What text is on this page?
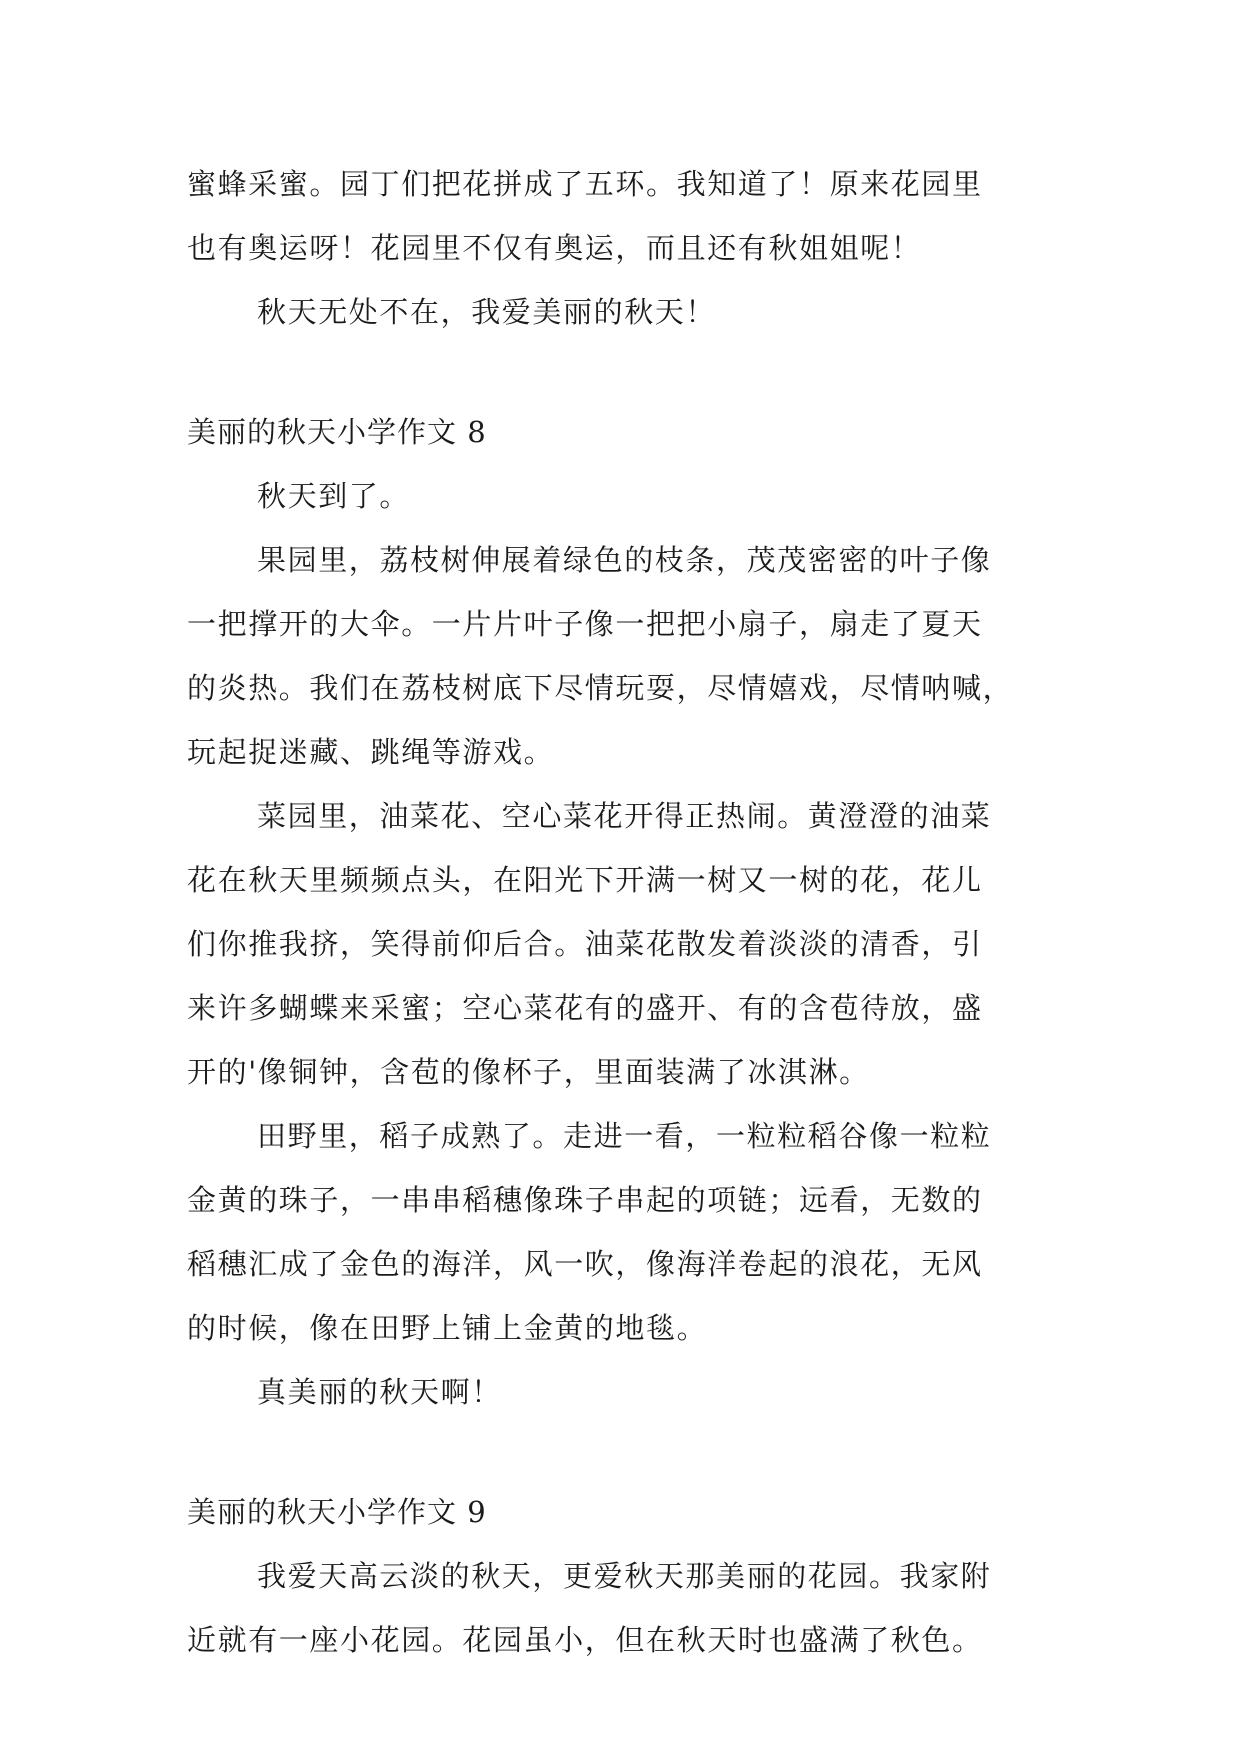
蜜蜂采蜜。园丁们把花拼成了五环。我知道了！原来花园里
也有奥运呀！花园里不仅有奥运，而且还有秋姐姐呢！
秋天无处不在，我爱美丽的秋天！
美丽的秋天小学作文 8
秋天到了。
果园里，荔枝树伸展着绿色的枝条，茂茂密密的叶子像
一把撑开的大伞。一片片叶子像一把把小扇子，扇走了夏天
的炎热。我们在荔枝树底下尽情玩耍，尽情嬉戏，尽情呐喊，
玩起捉迷藏、跳绳等游戏。
菜园里，油菜花、空心菜花开得正热闹。黄澄澄的油菜
花在秋天里频频点头，在阳光下开满一树又一树的花，花儿
们你推我挤，笑得前仰后合。油菜花散发着淡淡的清香，引
来许多蝴蝶来采蜜；空心菜花有的盛开、有的含苞待放，盛
开的'像铜钟，含苞的像杯子，里面装满了冰淇淋。
田野里，稻子成熟了。走进一看，一粒粒稻谷像一粒粒
金黄的珠子，一串串稻穗像珠子串起的项链；远看，无数的
稻穗汇成了金色的海洋，风一吹，像海洋卷起的浪花，无风
的时候，像在田野上铺上金黄的地毯。
真美丽的秋天啊！
美丽的秋天小学作文 9
我爱天高云淡的秋天，更爱秋天那美丽的花园。我家附
近就有一座小花园。花园虽小，但在秋天时也盛满了秋色。
